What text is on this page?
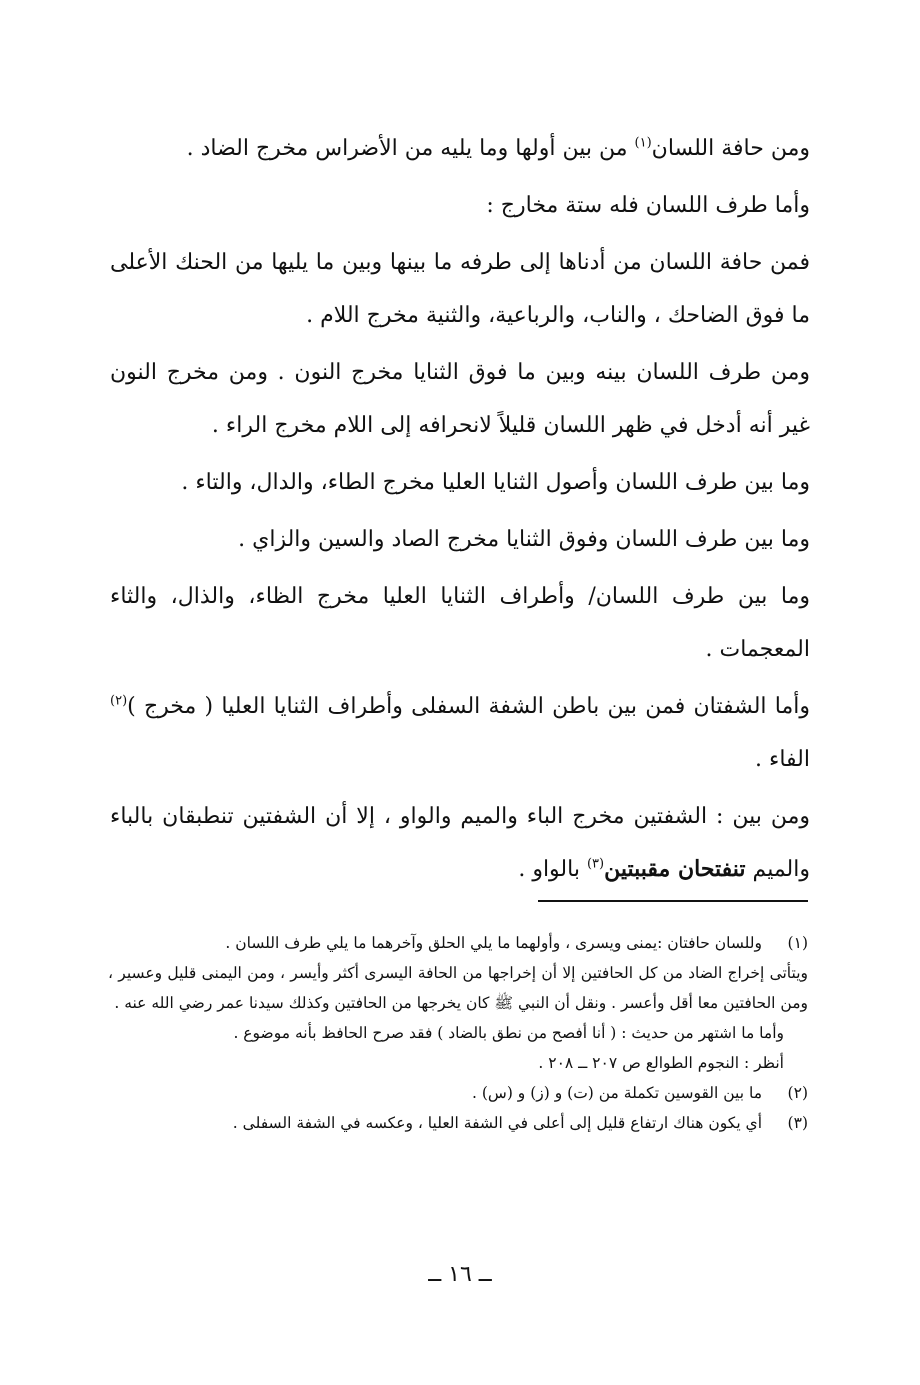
ومن حافة اللسان$^{(١)}$ من بين أولها وما يليه من الأضراس مخرج الضاد .

وأما طرف اللسان فله ستة مخارج :

فمن حافة اللسان من أدناها إلى طرفه ما بينها وبين ما يليها من الحنك الأعلى ما فوق الضاحك ، والناب، والرباعية، والثنية مخرج اللام .

ومن طرف اللسان بينه وبين ما فوق الثنايا مخرج النون . ومن مخرج النون غير أنه أدخل في ظهر اللسان قليلاً لانحرافه إلى اللام مخرج الراء .

وما بين طرف اللسان وأصول الثنايا العليا مخرج الطاء، والدال، والتاء .

وما بين طرف اللسان وفوق الثنايا مخرج الصاد والسين والزاي .

وما بين طرف اللسان/ وأطراف الثنايا العليا مخرج الظاء، والذال، والثاء المعجمات .

وأما الشفتان فمن بين باطن الشفة السفلى وأطراف الثنايا العليا ( مخرج )$^{(٢)}$ الفاء .

ومن بين : الشفتين مخرج الباء والميم والواو ، إلا أن الشفتين تنطبقان بالباء والميم تنفتحان مقببتين$^{(٣)}$ بالواو .

(١)
وللسان حافتان :يمنى ويسرى ، وأولهما ما يلي الحلق وآخرهما ما يلي طرف اللسان .
ويتأتى إخراج الضاد من كل الحافتين إلا أن إخراجها من الحافة اليسرى أكثر وأيسر ، ومن اليمنى قليل وعسير ، ومن الحافتين معا أقل وأعسر . ونقل أن النبي ﷺ كان يخرجها من الحافتين وكذلك سيدنا عمر رضي الله عنه .
وأما ما اشتهر من حديث : ( أنا أفصح من نطق بالضاد ) فقد صرح الحافظ بأنه موضوع .
أنظر : النجوم الطوالع ص ٢٠٧ ــ ٢٠٨ .
(٢)
ما بين القوسين تكملة من (ت) و (ز) و (س) .
(٣)
أي يكون هناك ارتفاع قليل إلى أعلى في الشفة العليا ، وعكسه في الشفة السفلى .
ــ ١٦ ــ
